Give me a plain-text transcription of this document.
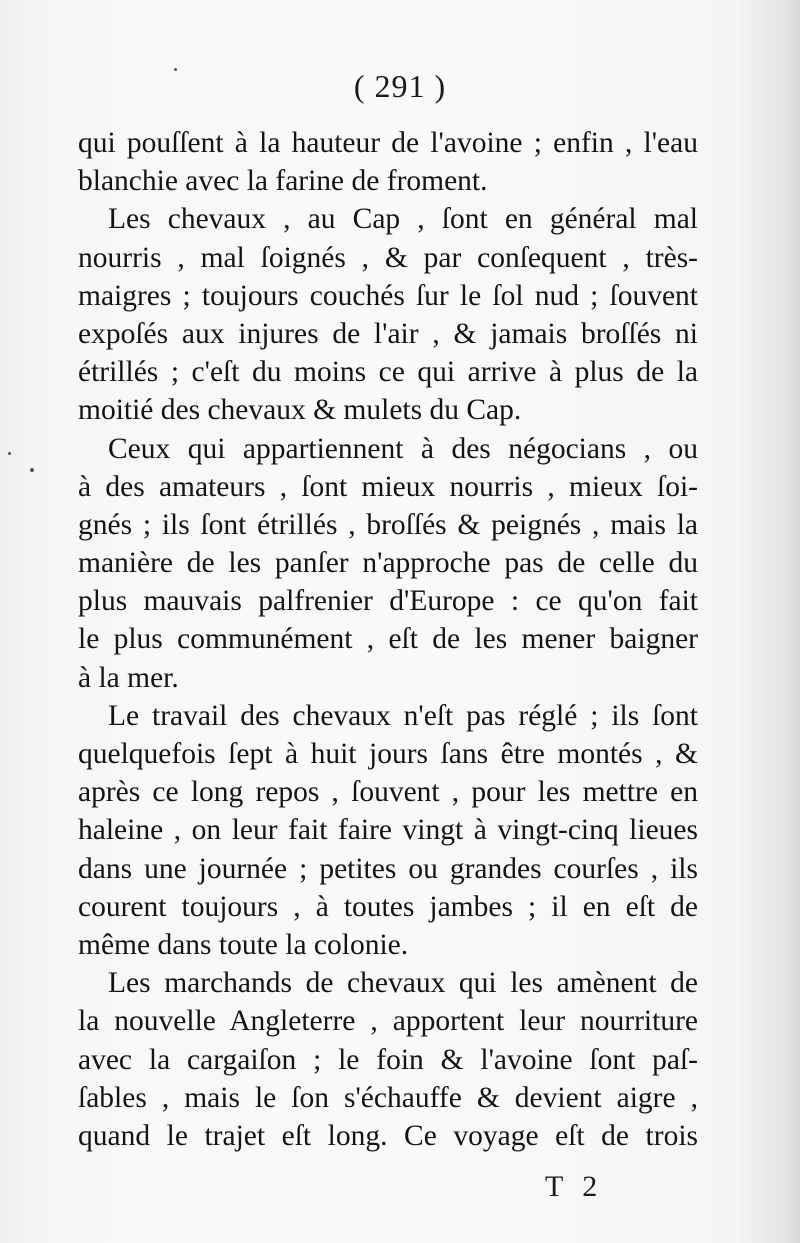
( 291 )
qui pouſſent à la hauteur de l'avoine ; enfin , l'eau
blanchie avec la farine de froment.
Les chevaux , au Cap , ſont en général mal
nourris , mal ſoignés , & par conſequent , très-
maigres ; toujours couchés ſur le ſol nud ; ſouvent
expoſés aux injures de l'air , & jamais broſſés ni
étrillés ; c'eſt du moins ce qui arrive à plus de la
moitié des chevaux & mulets du Cap.
Ceux qui appartiennent à des négocians , ou
à des amateurs , ſont mieux nourris , mieux ſoi-
gnés ; ils ſont étrillés , broſſés & peignés , mais la
manière de les panſer n'approche pas de celle du
plus mauvais palfrenier d'Europe : ce qu'on fait
le plus communément , eſt de les mener baigner
à la mer.
Le travail des chevaux n'eſt pas réglé ; ils ſont
quelquefois ſept à huit jours ſans être montés , &
après ce long repos , ſouvent , pour les mettre en
haleine , on leur fait faire vingt à vingt-cinq lieues
dans une journée ; petites ou grandes courſes , ils
courent toujours , à toutes jambes ; il en eſt de
même dans toute la colonie.
Les marchands de chevaux qui les amènent de
la nouvelle Angleterre , apportent leur nourriture
avec la cargaiſon ; le foin & l'avoine ſont paſ-
ſables , mais le ſon s'échauffe & devient aigre ,
quand le trajet eſt long. Ce voyage eſt de trois
T 2
